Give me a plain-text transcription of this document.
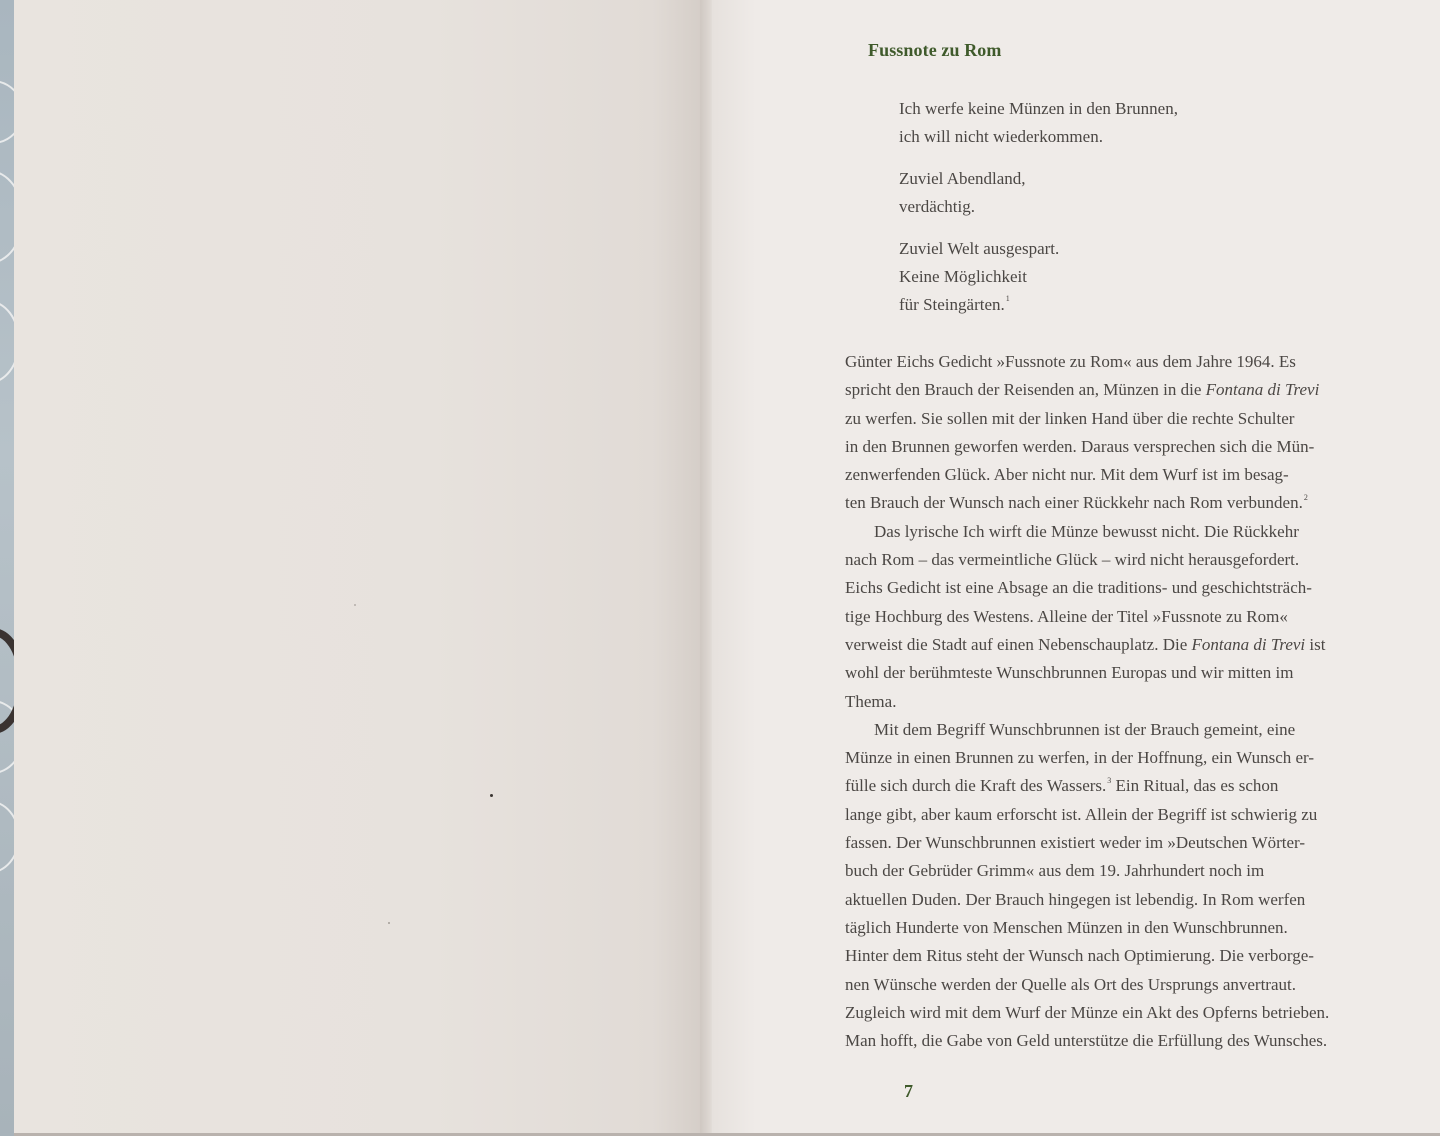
Fussnote zu Rom

Ich werfe keine Münzen in den Brunnen,
ich will nicht wiederkommen.

Zuviel Abendland,
verdächtig.

Zuviel Welt ausgespart.
Keine Möglichkeit
für Steingärten.$^1$

Günter Eichs Gedicht »Fussnote zu Rom« aus dem Jahre 1964. Es
spricht den Brauch der Reisenden an, Münzen in die Fontana di Trevi
zu werfen. Sie sollen mit der linken Hand über die rechte Schulter
in den Brunnen geworfen werden. Daraus versprechen sich die Mün-
zenwerfenden Glück. Aber nicht nur. Mit dem Wurf ist im besag-
ten Brauch der Wunsch nach einer Rückkehr nach Rom verbunden.$^2$

Das lyrische Ich wirft die Münze bewusst nicht. Die Rückkehr
nach Rom – das vermeintliche Glück – wird nicht herausgefordert.
Eichs Gedicht ist eine Absage an die traditions- und geschichtsträch-
tige Hochburg des Westens. Alleine der Titel »Fussnote zu Rom«
verweist die Stadt auf einen Nebenschauplatz. Die Fontana di Trevi ist
wohl der berühmteste Wunschbrunnen Europas und wir mitten im
Thema.

Mit dem Begriff Wunschbrunnen ist der Brauch gemeint, eine
Münze in einen Brunnen zu werfen, in der Hoffnung, ein Wunsch er-
fülle sich durch die Kraft des Wassers.$^3$ Ein Ritual, das es schon
lange gibt, aber kaum erforscht ist. Allein der Begriff ist schwierig zu
fassen. Der Wunschbrunnen existiert weder im »Deutschen Wörter-
buch der Gebrüder Grimm« aus dem 19. Jahrhundert noch im
aktuellen Duden. Der Brauch hingegen ist lebendig. In Rom werfen
täglich Hunderte von Menschen Münzen in den Wunschbrunnen.
Hinter dem Ritus steht der Wunsch nach Optimierung. Die verborge-
nen Wünsche werden der Quelle als Ort des Ursprungs anvertraut.
Zugleich wird mit dem Wurf der Münze ein Akt des Opferns betrieben.
Man hofft, die Gabe von Geld unterstütze die Erfüllung des Wunsches.

7
